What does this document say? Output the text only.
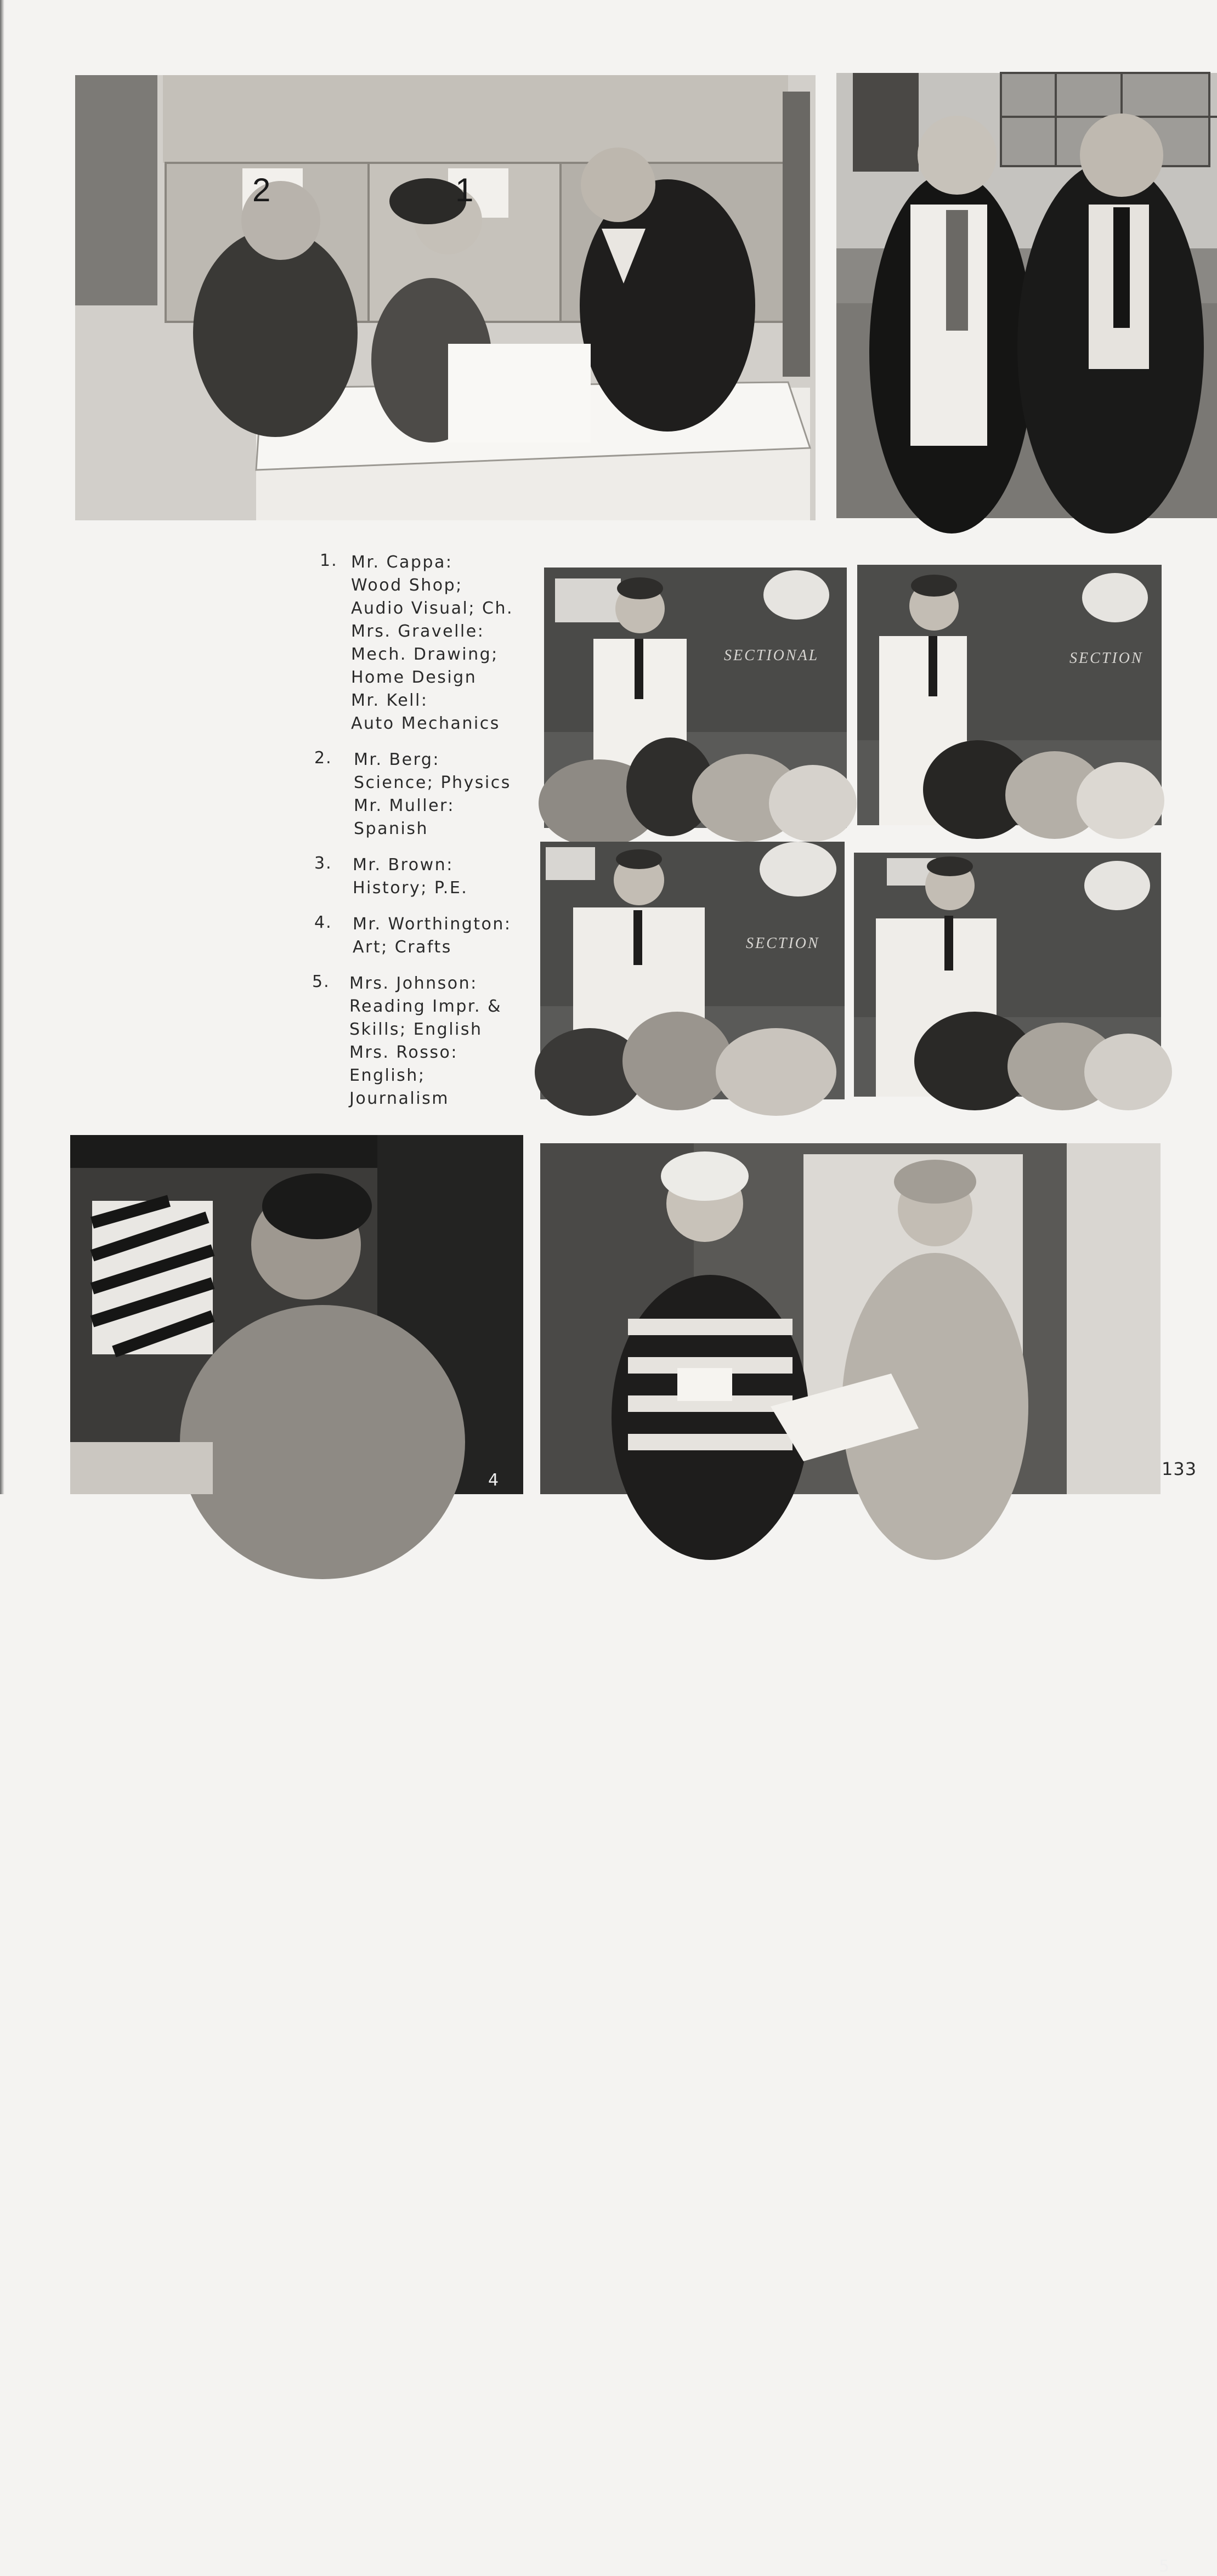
4
5
1. Mr. Cappa:
Wood Shop;
Audio Visual; Ch.
Mrs. Gravelle:
Mech. Drawing;
Home Design
Mr. Kell:
Auto Mechanics
2.	Mr. Berg:
Science; Physics
Mr. Muller:
Spanish
3.	Mr. Brown:
History; P.E.
4.	Mr. Worthington:
Art; Crafts
5.	Mrs. Johnson:
Reading Impr. &
Skills; English
Mrs. Rosso:
English;
Journalism
2	1
SECTIONAL	SECTION
SECTION
133
